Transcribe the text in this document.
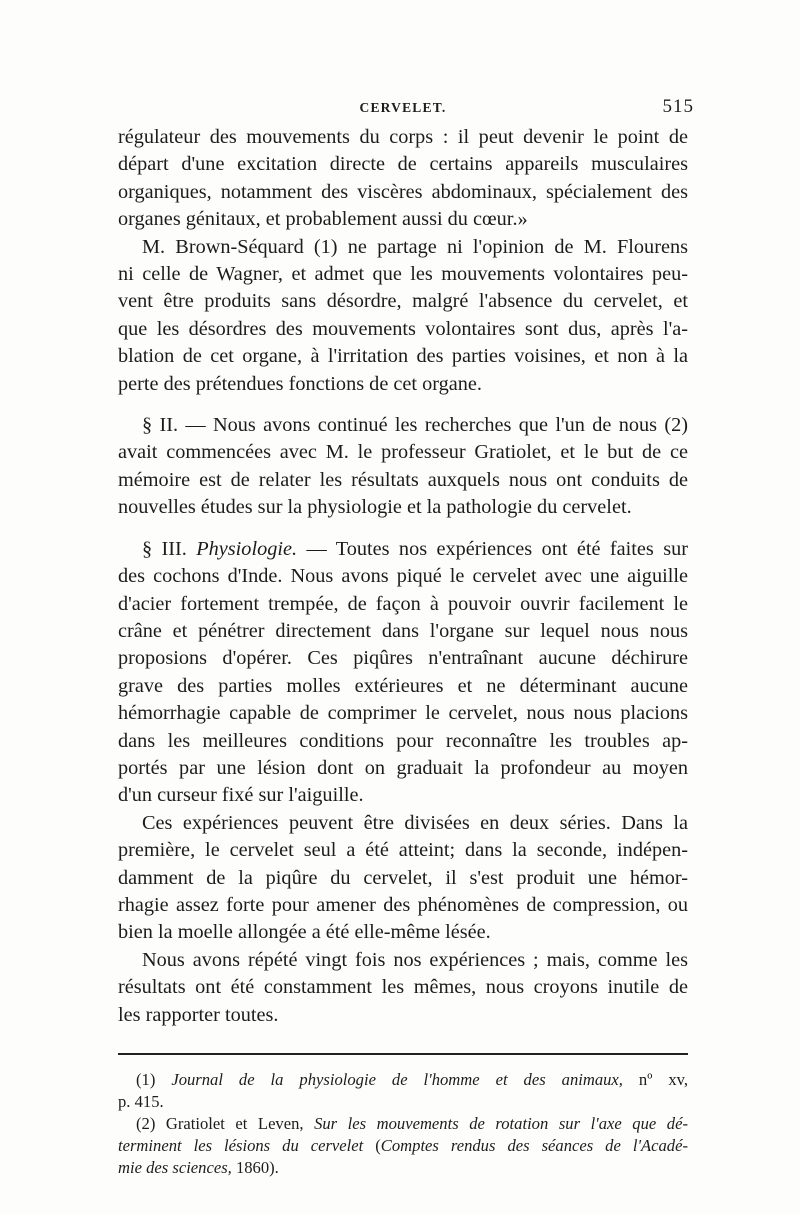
CERVELET.	515

régulateur des mouvements du corps : il peut devenir le point de
départ d'une excitation directe de certains appareils musculaires
organiques, notamment des viscères abdominaux, spécialement des
organes génitaux, et probablement aussi du cœur.»

M. Brown-Séquard (1) ne partage ni l'opinion de M. Flourens
ni celle de Wagner, et admet que les mouvements volontaires peu-
vent être produits sans désordre, malgré l'absence du cervelet, et
que les désordres des mouvements volontaires sont dus, après l'a-
blation de cet organe, à l'irritation des parties voisines, et non à la
perte des prétendues fonctions de cet organe.

§ II. — Nous avons continué les recherches que l'un de nous (2)
avait commencées avec M. le professeur Gratiolet, et le but de ce
mémoire est de relater les résultats auxquels nous ont conduits de
nouvelles études sur la physiologie et la pathologie du cervelet.

§ III. Physiologie. — Toutes nos expériences ont été faites sur
des cochons d'Inde. Nous avons piqué le cervelet avec une aiguille
d'acier fortement trempée, de façon à pouvoir ouvrir facilement le
crâne et pénétrer directement dans l'organe sur lequel nous nous
proposions d'opérer. Ces piqûres n'entraînant aucune déchirure
grave des parties molles extérieures et ne déterminant aucune
hémorrhagie capable de comprimer le cervelet, nous nous placions
dans les meilleures conditions pour reconnaître les troubles ap-
portés par une lésion dont on graduait la profondeur au moyen
d'un curseur fixé sur l'aiguille.

Ces expériences peuvent être divisées en deux séries. Dans la
première, le cervelet seul a été atteint; dans la seconde, indépen-
damment de la piqûre du cervelet, il s'est produit une hémor-
rhagie assez forte pour amener des phénomènes de compression, ou
bien la moelle allongée a été elle-même lésée.

Nous avons répété vingt fois nos expériences ; mais, comme les
résultats ont été constamment les mêmes, nous croyons inutile de
les rapporter toutes.

(1) Journal de la physiologie de l'homme et des animaux, nº xv,
p. 415.
(2) Gratiolet et Leven, Sur les mouvements de rotation sur l'axe que dé-
terminent les lésions du cervelet (Comptes rendus des séances de l'Acadé-
mie des sciences, 1860).
